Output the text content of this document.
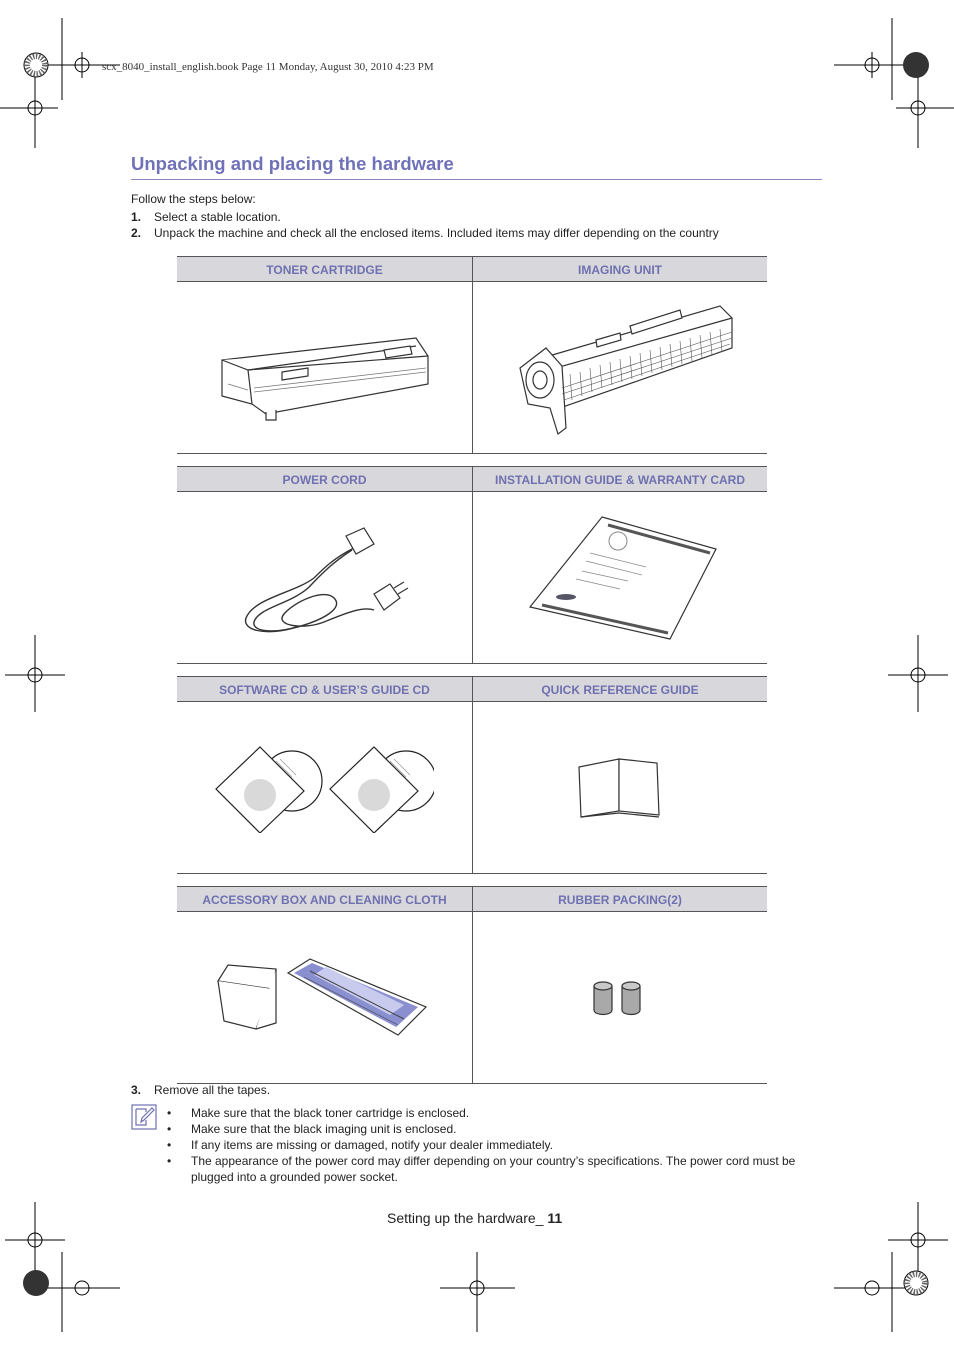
scx_8040_install_english.book Page 11 Monday, August 30, 2010 4:23 PM
Unpacking and placing the hardware
Follow the steps below:
1. Select a stable location.
2. Unpack the machine and check all the enclosed items. Included items may differ depending on the country
TONER CARTRIDGE	IMAGING UNIT
POWER CORD	INSTALLATION GUIDE & WARRANTY CARD
SOFTWARE CD & USER’S GUIDE CD	QUICK REFERENCE GUIDE
ACCESSORY BOX AND CLEANING CLOTH	RUBBER PACKING(2)
3. Remove all the tapes.
• Make sure that the black toner cartridge is enclosed.
• Make sure that the black imaging unit is enclosed.
• If any items are missing or damaged, notify your dealer immediately.
• The appearance of the power cord may differ depending on your country’s specifications. The power cord must be plugged into a grounded power socket.
Setting up the hardware_ 11
